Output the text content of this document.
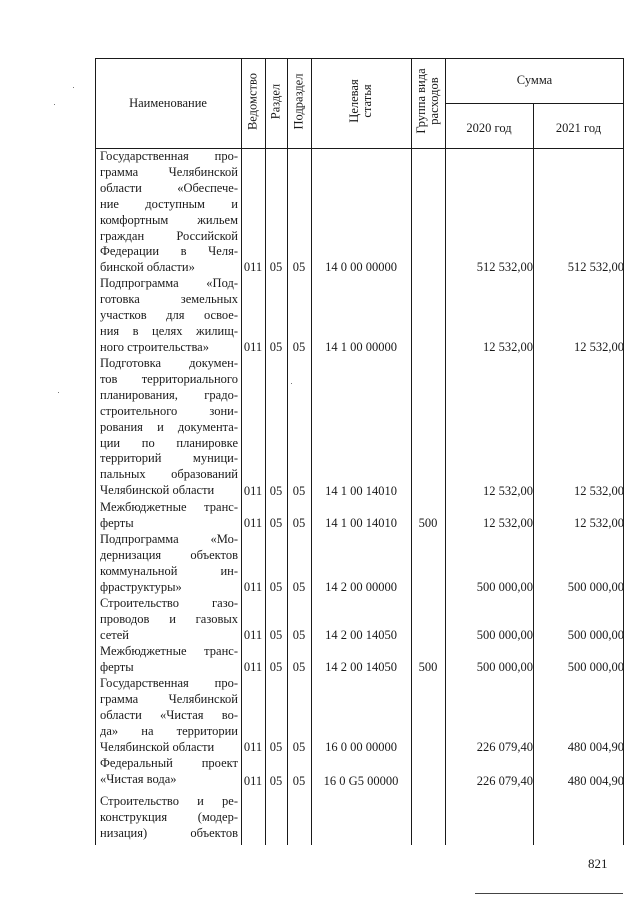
Наименование	Ведомство Раздел Подраздел	Целевая статья	Группа вида расходов	Сумма
2020 год	2021 год
Государственная про-
грамма Челябинской
области «Обеспече-
ние доступным и
комфортным жильем
граждан Российской
Федерации в Челя-
бинской области»	011 05 05	14 0 00 00000	512 532,00	512 532,00
Подпрограмма «Под-
готовка земельных
участков для освое-
ния в целях жилищ-
ного строительства»	011 05 05	14 1 00 00000	12 532,00	12 532,00
Подготовка докумен-
тов территориального
планирования, градо-
строительного зони-
рования и документа-
ции по планировке
территорий муници-
пальных образований
Челябинской области	011 05 05	14 1 00 14010	12 532,00	12 532,00
Межбюджетные транс-
ферты	011 05 05	14 1 00 14010	500	12 532,00	12 532,00
Подпрограмма «Мо-
дернизация объектов
коммунальной ин-
фраструктуры»	011 05 05	14 2 00 00000	500 000,00	500 000,00
Строительство газо-
проводов и газовых
сетей	011 05 05	14 2 00 14050	500 000,00	500 000,00
Межбюджетные транс-
ферты	011 05 05	14 2 00 14050	500	500 000,00	500 000,00
Государственная про-
грамма Челябинской
области «Чистая во-
да» на территории
Челябинской области	011 05 05	16 0 00 00000	226 079,40	480 004,90
Федеральный проект
«Чистая вода»	011 05 05	16 0 G5 00000	226 079,40	480 004,90
Строительство и ре-
конструкция (модер-
низация) объектов
821
